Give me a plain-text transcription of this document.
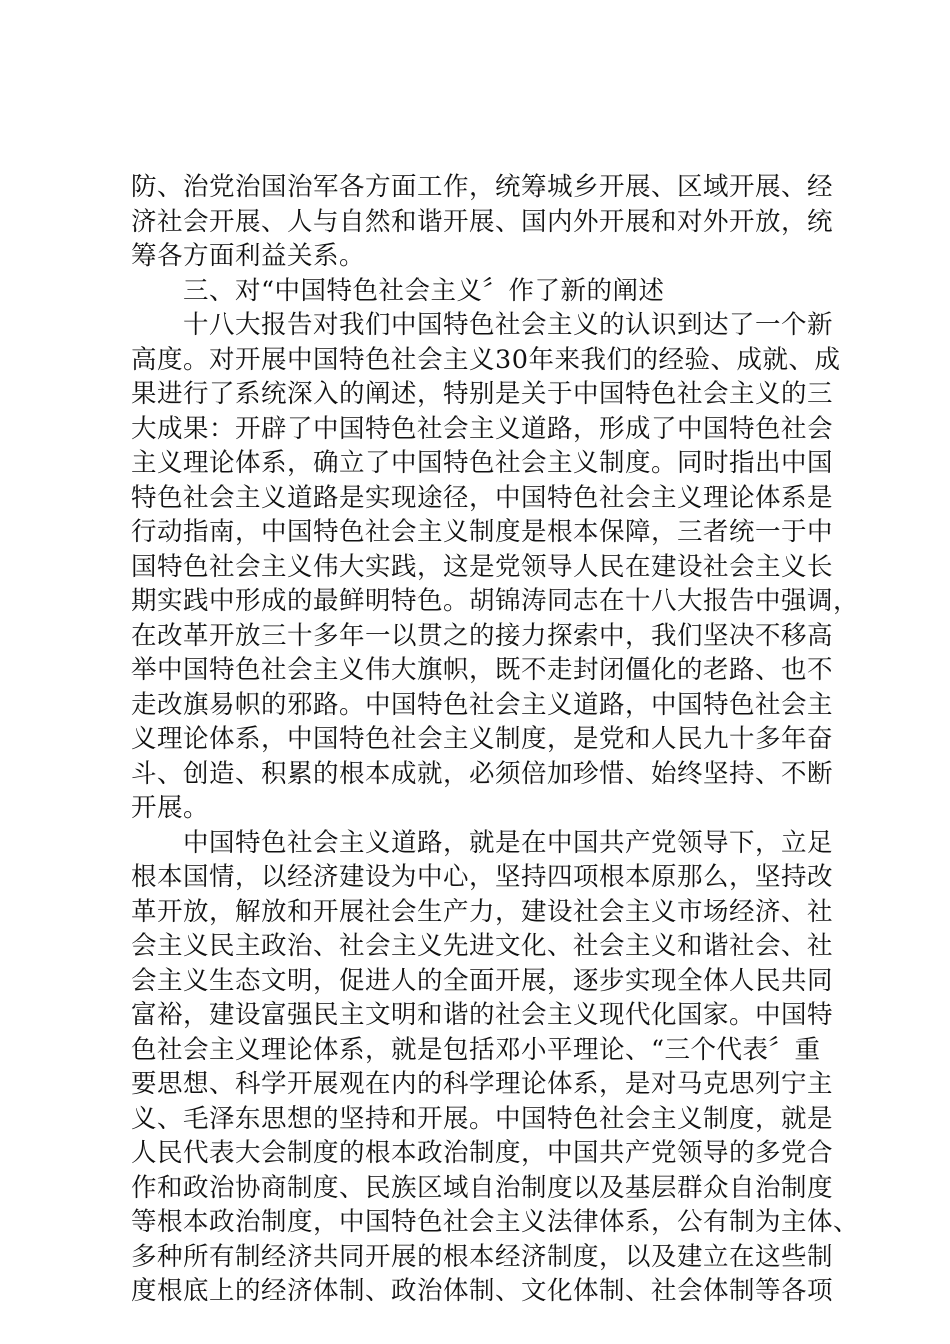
防、治党治国治军各方面工作，统筹城乡开展、区域开展、经
济社会开展、人与自然和谐开展、国内外开展和对外开放，统
筹各方面利益关系。
三、对“中国特色社会主义〞作了新的阐述
十八大报告对我们中国特色社会主义的认识到达了一个新
高度。对开展中国特色社会主义30年来我们的经验、成就、成
果进行了系统深入的阐述，特别是关于中国特色社会主义的三
大成果：开辟了中国特色社会主义道路，形成了中国特色社会
主义理论体系，确立了中国特色社会主义制度。同时指出中国
特色社会主义道路是实现途径，中国特色社会主义理论体系是
行动指南，中国特色社会主义制度是根本保障，三者统一于中
国特色社会主义伟大实践，这是党领导人民在建设社会主义长
期实践中形成的最鲜明特色。胡锦涛同志在十八大报告中强调，
在改革开放三十多年一以贯之的接力探索中，我们坚决不移高
举中国特色社会主义伟大旗帜，既不走封闭僵化的老路、也不
走改旗易帜的邪路。中国特色社会主义道路，中国特色社会主
义理论体系，中国特色社会主义制度，是党和人民九十多年奋
斗、创造、积累的根本成就，必须倍加珍惜、始终坚持、不断
开展。
中国特色社会主义道路，就是在中国共产党领导下，立足
根本国情，以经济建设为中心，坚持四项根本原那么，坚持改
革开放，解放和开展社会生产力，建设社会主义市场经济、社
会主义民主政治、社会主义先进文化、社会主义和谐社会、社
会主义生态文明，促进人的全面开展，逐步实现全体人民共同
富裕，建设富强民主文明和谐的社会主义现代化国家。中国特
色社会主义理论体系，就是包括邓小平理论、“三个代表〞重
要思想、科学开展观在内的科学理论体系，是对马克思列宁主
义、毛泽东思想的坚持和开展。中国特色社会主义制度，就是
人民代表大会制度的根本政治制度，中国共产党领导的多党合
作和政治协商制度、民族区域自治制度以及基层群众自治制度
等根本政治制度，中国特色社会主义法律体系，公有制为主体、
多种所有制经济共同开展的根本经济制度，以及建立在这些制
度根底上的经济体制、政治体制、文化体制、社会体制等各项
